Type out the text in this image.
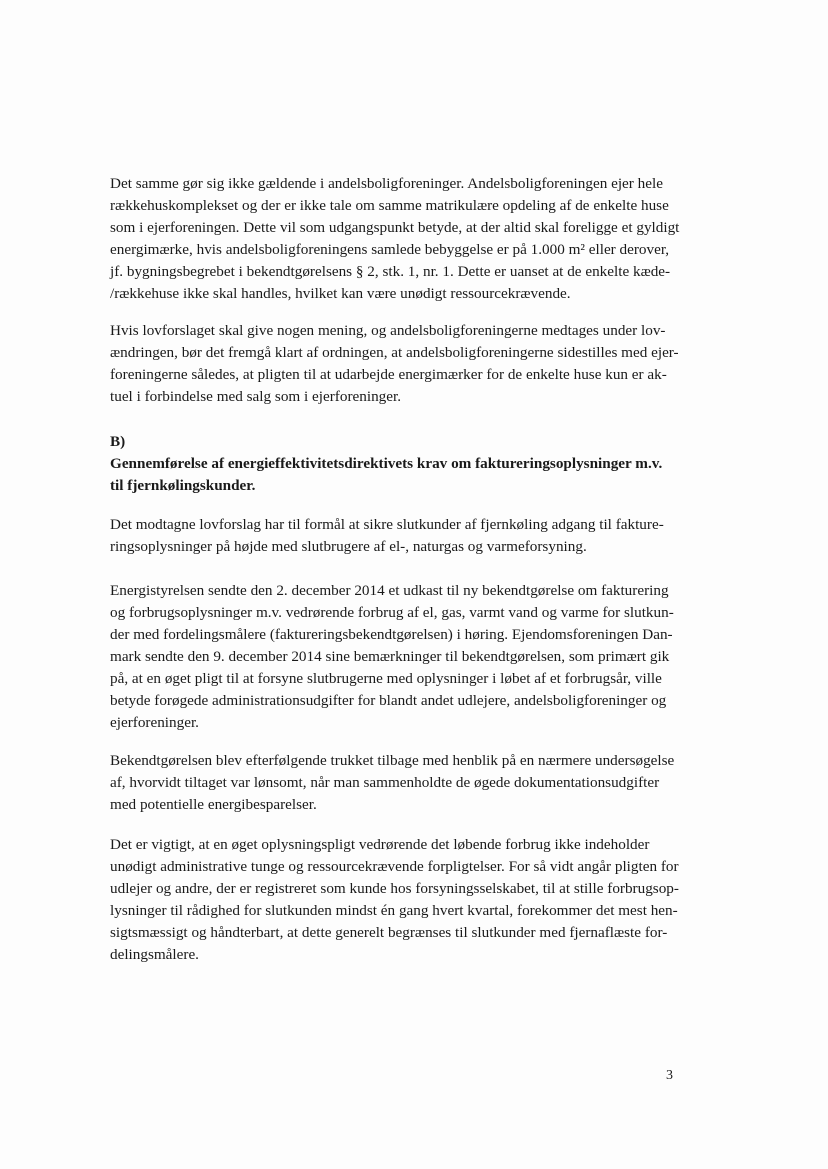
Det samme gør sig ikke gældende i andelsboligforeninger. Andelsboligforeningen ejer hele
rækkehuskomplekset og der er ikke tale om samme matrikulære opdeling af de enkelte huse
som i ejerforeningen. Dette vil som udgangspunkt betyde, at der altid skal foreligge et gyldigt
energimærke, hvis andelsboligforeningens samlede bebyggelse er på 1.000 m² eller derover,
jf. bygningsbegrebet i bekendtgørelsens § 2, stk. 1, nr. 1. Dette er uanset at de enkelte kæde-
/rækkehuse ikke skal handles, hvilket kan være unødigt ressourcekrævende.
Hvis lovforslaget skal give nogen mening, og andelsboligforeningerne medtages under lov-
ændringen, bør det fremgå klart af ordningen, at andelsboligforeningerne sidestilles med ejer-
foreningerne således, at pligten til at udarbejde energimærker for de enkelte huse kun er ak-
tuel i forbindelse med salg som i ejerforeninger.
B)
Gennemførelse af energieffektivitetsdirektivets krav om faktureringsoplysninger m.v.
til fjernkølingskunder.
Det modtagne lovforslag har til formål at sikre slutkunder af fjernkøling adgang til fakture-
ringsoplysninger på højde med slutbrugere af el-, naturgas og varmeforsyning.
Energistyrelsen sendte den 2. december 2014 et udkast til ny bekendtgørelse om fakturering
og forbrugsoplysninger m.v. vedrørende forbrug af el, gas, varmt vand og varme for slutkun-
der med fordelingsmålere (faktureringsbekendtgørelsen) i høring. Ejendomsforeningen Dan-
mark sendte den 9. december 2014 sine bemærkninger til bekendtgørelsen, som primært gik
på, at en øget pligt til at forsyne slutbrugerne med oplysninger i løbet af et forbrugsår, ville
betyde forøgede administrationsudgifter for blandt andet udlejere, andelsboligforeninger og
ejerforeninger.
Bekendtgørelsen blev efterfølgende trukket tilbage med henblik på en nærmere undersøgelse
af, hvorvidt tiltaget var lønsomt, når man sammenholdte de øgede dokumentationsudgifter
med potentielle energibesparelser.
Det er vigtigt, at en øget oplysningspligt vedrørende det løbende forbrug ikke indeholder
unødigt administrative tunge og ressourcekrævende forpligtelser. For så vidt angår pligten for
udlejer og andre, der er registreret som kunde hos forsyningsselskabet, til at stille forbrugsop-
lysninger til rådighed for slutkunden mindst én gang hvert kvartal, forekommer det mest hen-
sigtsmæssigt og håndterbart, at dette generelt begrænses til slutkunder med fjernaflæste for-
delingsmålere.
3
